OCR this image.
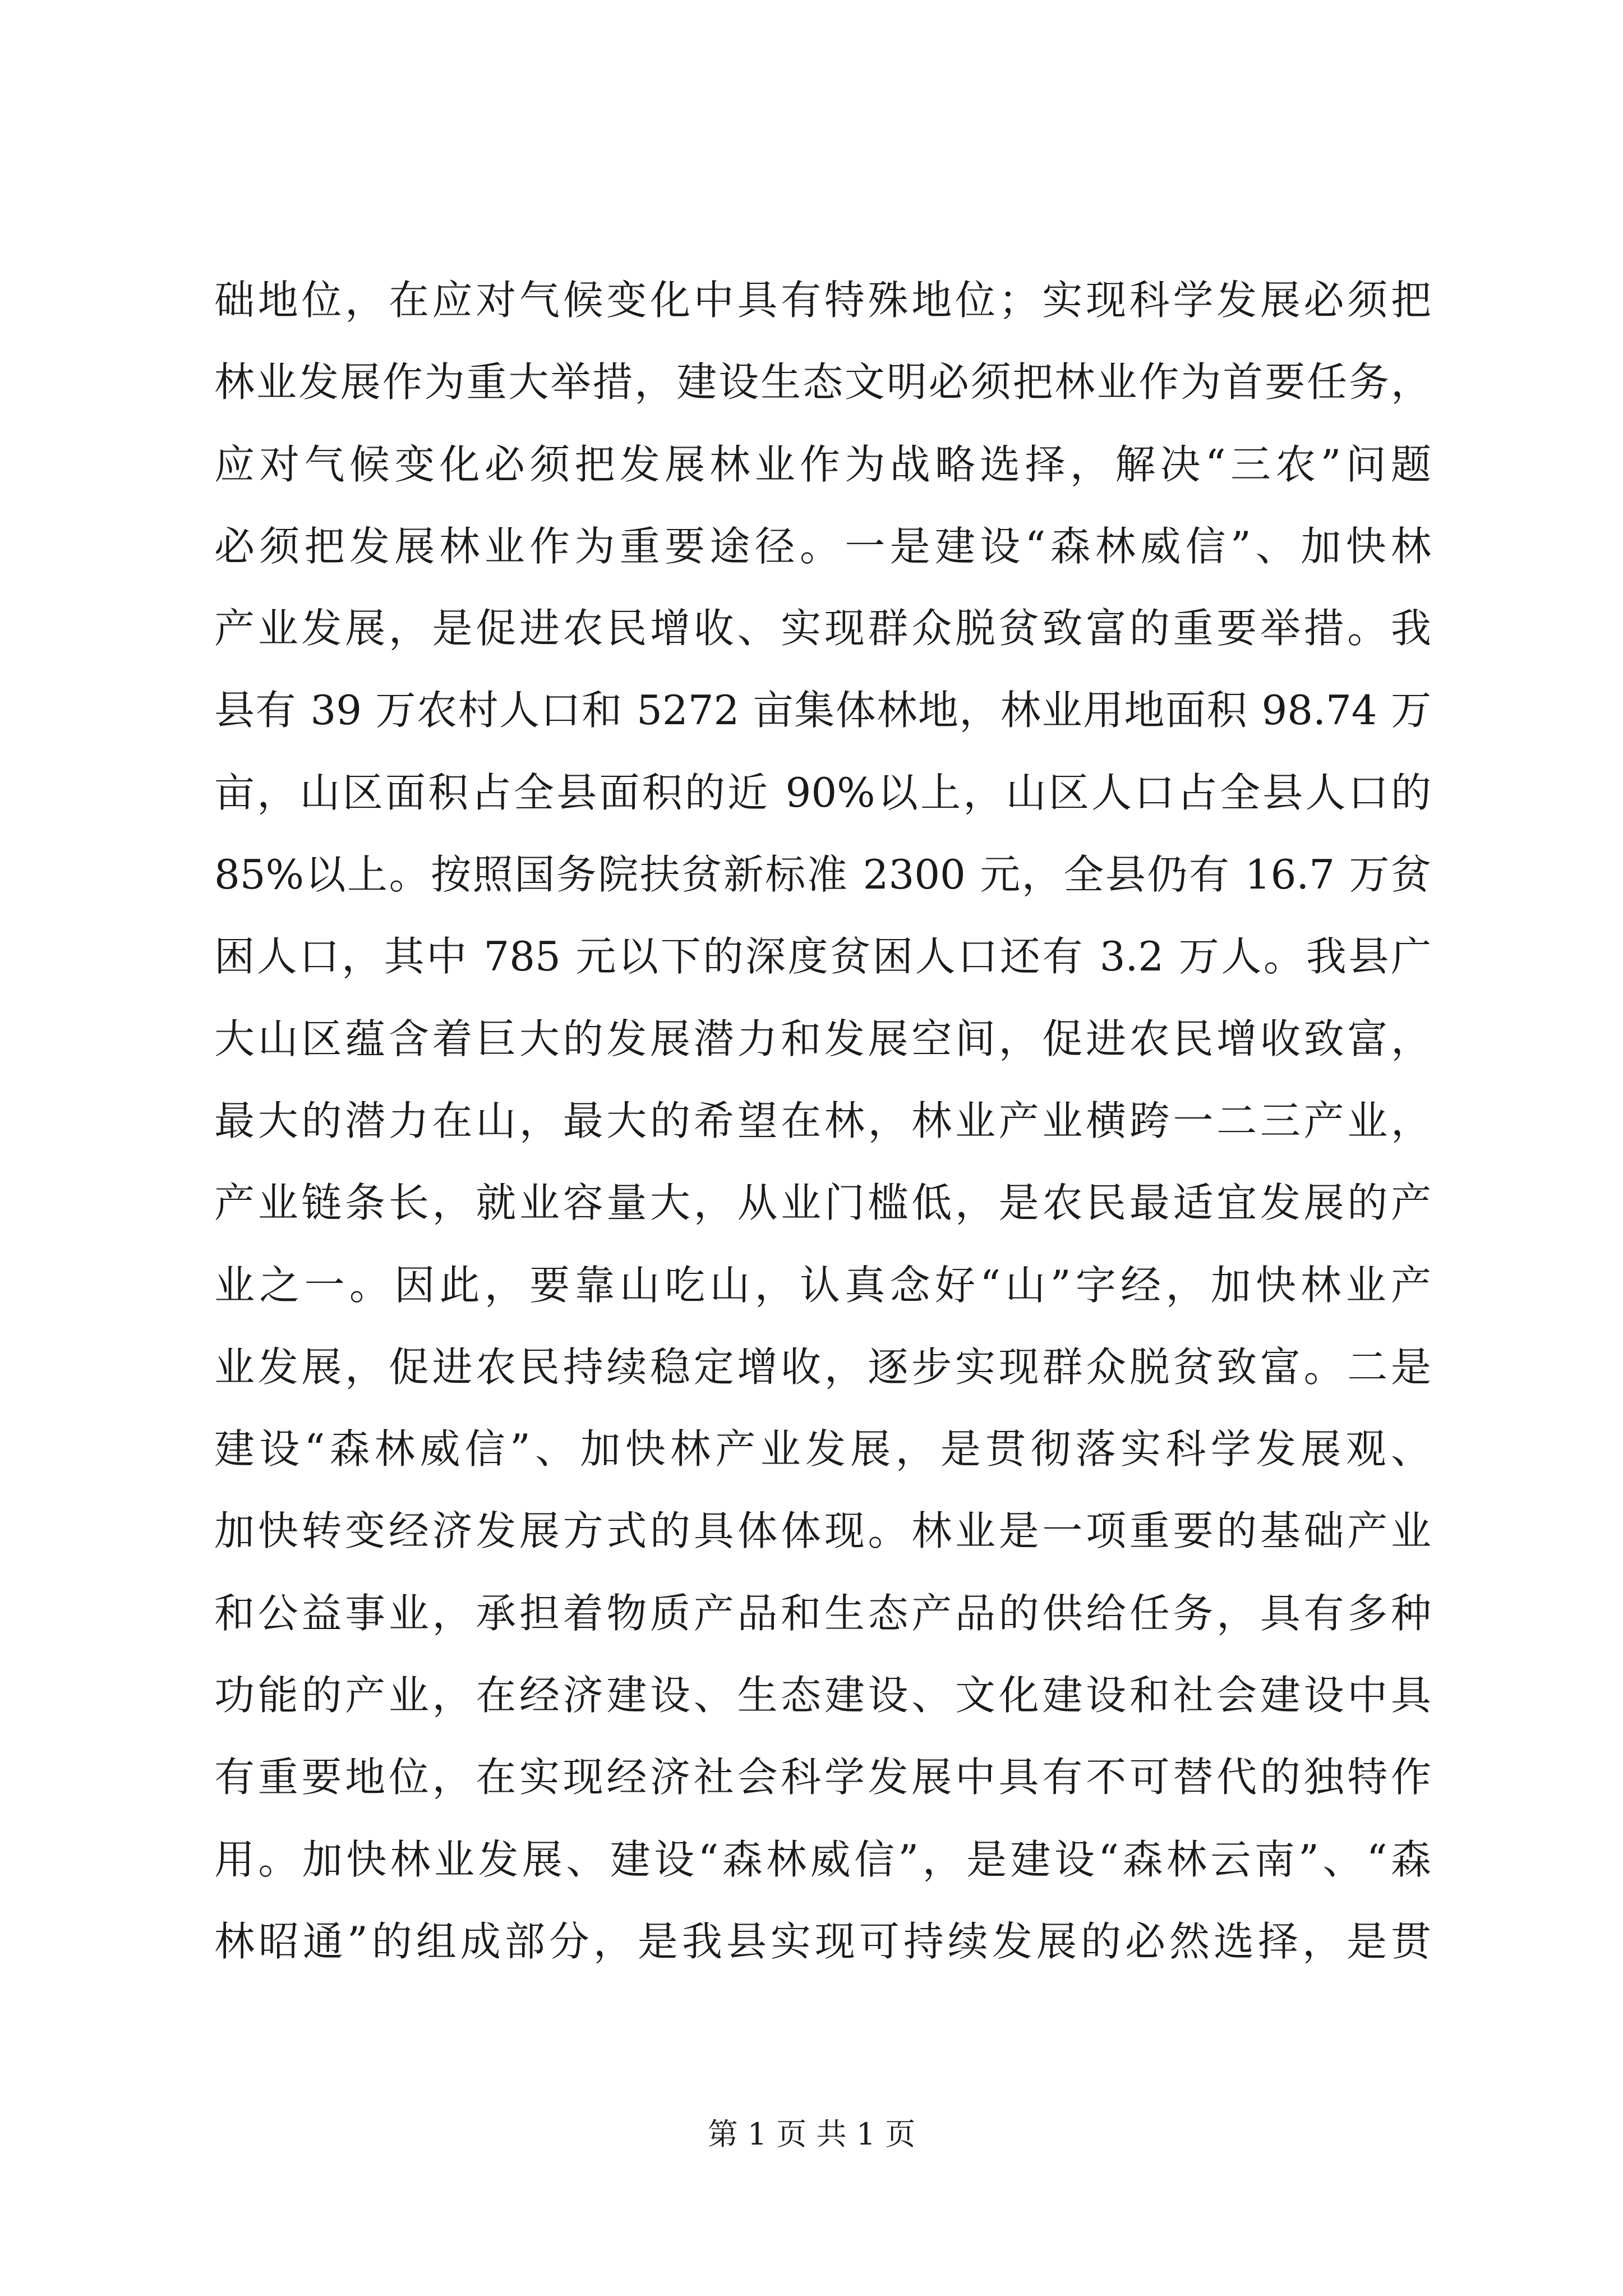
础地位，在应对气候变化中具有特殊地位；实现科学发展必须把
林业发展作为重大举措，建设生态文明必须把林业作为首要任务，
应对气候变化必须把发展林业作为战略选择，解决“三农”问题
必须把发展林业作为重要途径。一是建设“森林威信”、加快林
产业发展，是促进农民增收、实现群众脱贫致富的重要举措。我
县有 39 万农村人口和 5272 亩集体林地，林业用地面积 98.74 万
亩，山区面积占全县面积的近 90%以上，山区人口占全县人口的
85%以上。按照国务院扶贫新标准 2300 元，全县仍有 16.7 万贫
困人口，其中 785 元以下的深度贫困人口还有 3.2 万人。我县广
大山区蕴含着巨大的发展潜力和发展空间，促进农民增收致富，
最大的潜力在山，最大的希望在林，林业产业横跨一二三产业，
产业链条长，就业容量大，从业门槛低，是农民最适宜发展的产
业之一。因此，要靠山吃山，认真念好“山”字经，加快林业产
业发展，促进农民持续稳定增收，逐步实现群众脱贫致富。二是
建设“森林威信”、加快林产业发展，是贯彻落实科学发展观、
加快转变经济发展方式的具体体现。林业是一项重要的基础产业
和公益事业，承担着物质产品和生态产品的供给任务，具有多种
功能的产业，在经济建设、生态建设、文化建设和社会建设中具
有重要地位，在实现经济社会科学发展中具有不可替代的独特作
用。加快林业发展、建设“森林威信”，是建设“森林云南”、“森
林昭通”的组成部分，是我县实现可持续发展的必然选择，是贯
第 1 页 共 1 页
